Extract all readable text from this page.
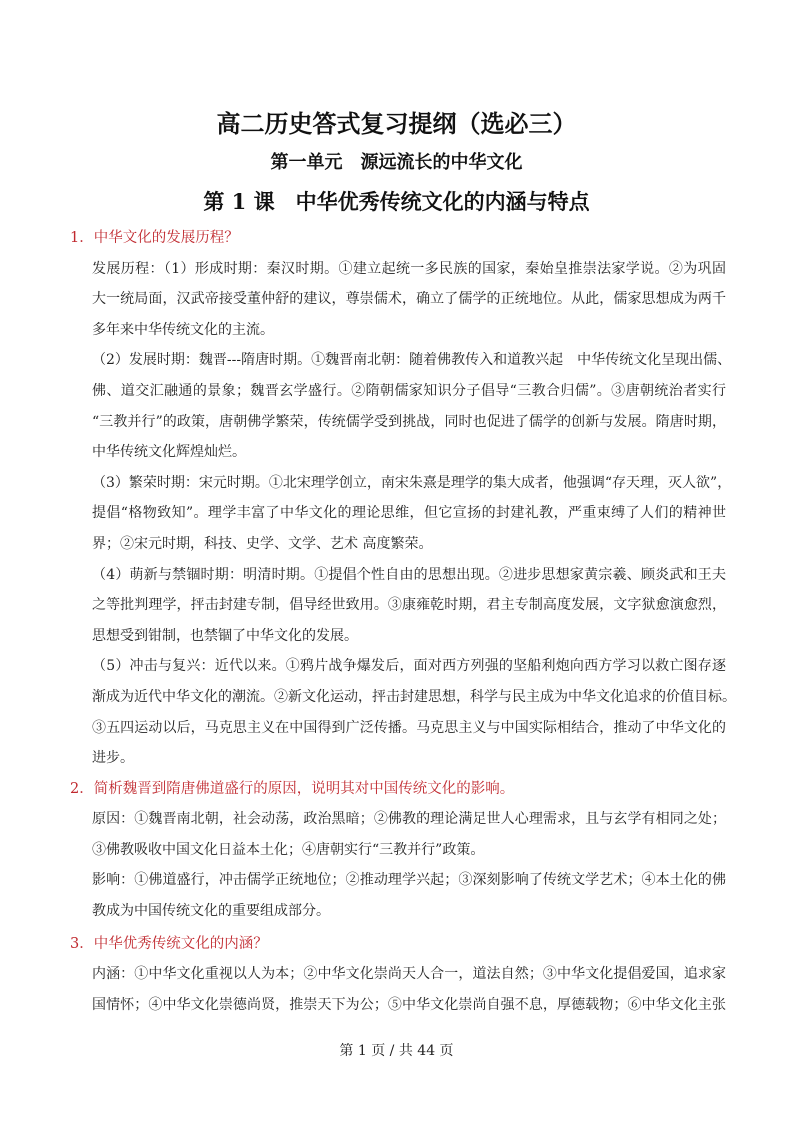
高二历史答式复习提纲（选必三）
第一单元　源远流长的中华文化
第 1 课　中华优秀传统文化的内涵与特点
1．中华文化的发展历程？
发展历程：（1）形成时期：秦汉时期。①建立起统一多民族的国家，秦始皇推崇法家学说。②为巩固
大一统局面，汉武帝接受董仲舒的建议，尊崇儒术，确立了儒学的正统地位。从此，儒家思想成为两千
多年来中华传统文化的主流。
（2）发展时期：魏晋---隋唐时期。①魏晋南北朝：随着佛教传入和道教兴起　中华传统文化呈现出儒、
佛、道交汇融通的景象；魏晋玄学盛行。②隋朝儒家知识分子倡导“三教合归儒”。③唐朝统治者实行
“三教并行”的政策，唐朝佛学繁荣，传统儒学受到挑战，同时也促进了儒学的创新与发展。隋唐时期，
中华传统文化辉煌灿烂。
（3）繁荣时期：宋元时期。①北宋理学创立，南宋朱熹是理学的集大成者，他强调“存天理，灭人欲”，
提倡“格物致知”。理学丰富了中华文化的理论思维，但它宣扬的封建礼教，严重束缚了人们的精神世
界；②宋元时期，科技、史学、文学、艺术 高度繁荣。
（4）萌新与禁锢时期：明清时期。①提倡个性自由的思想出现。②进步思想家黄宗羲、顾炎武和王夫
之等批判理学，抨击封建专制，倡导经世致用。③康雍乾时期，君主专制高度发展，文字狱愈演愈烈，
思想受到钳制，也禁锢了中华文化的发展。
（5）冲击与复兴：近代以来。①鸦片战争爆发后，面对西方列强的坚船利炮向西方学习以救亡图存逐
渐成为近代中华文化的潮流。②新文化运动，抨击封建思想，科学与民主成为中华文化追求的价值目标。
③五四运动以后，马克思主义在中国得到广泛传播。马克思主义与中国实际相结合，推动了中华文化的
进步。
2．简析魏晋到隋唐佛道盛行的原因，说明其对中国传统文化的影响。
原因：①魏晋南北朝，社会动荡，政治黑暗；②佛教的理论满足世人心理需求，且与玄学有相同之处；
③佛教吸收中国文化日益本土化；④唐朝实行“三教并行”政策。
影响：①佛道盛行，冲击儒学正统地位；②推动理学兴起；③深刻影响了传统文学艺术；④本土化的佛
教成为中国传统文化的重要组成部分。
3．中华优秀传统文化的内涵？
内涵：①中华文化重视以人为本；②中华文化崇尚天人合一，道法自然；③中华文化提倡爱国，追求家
国情怀；④中华文化崇德尚贤，推崇天下为公；⑤中华文化崇尚自强不息，厚德载物；⑥中华文化主张
第 1 页 / 共 44 页
